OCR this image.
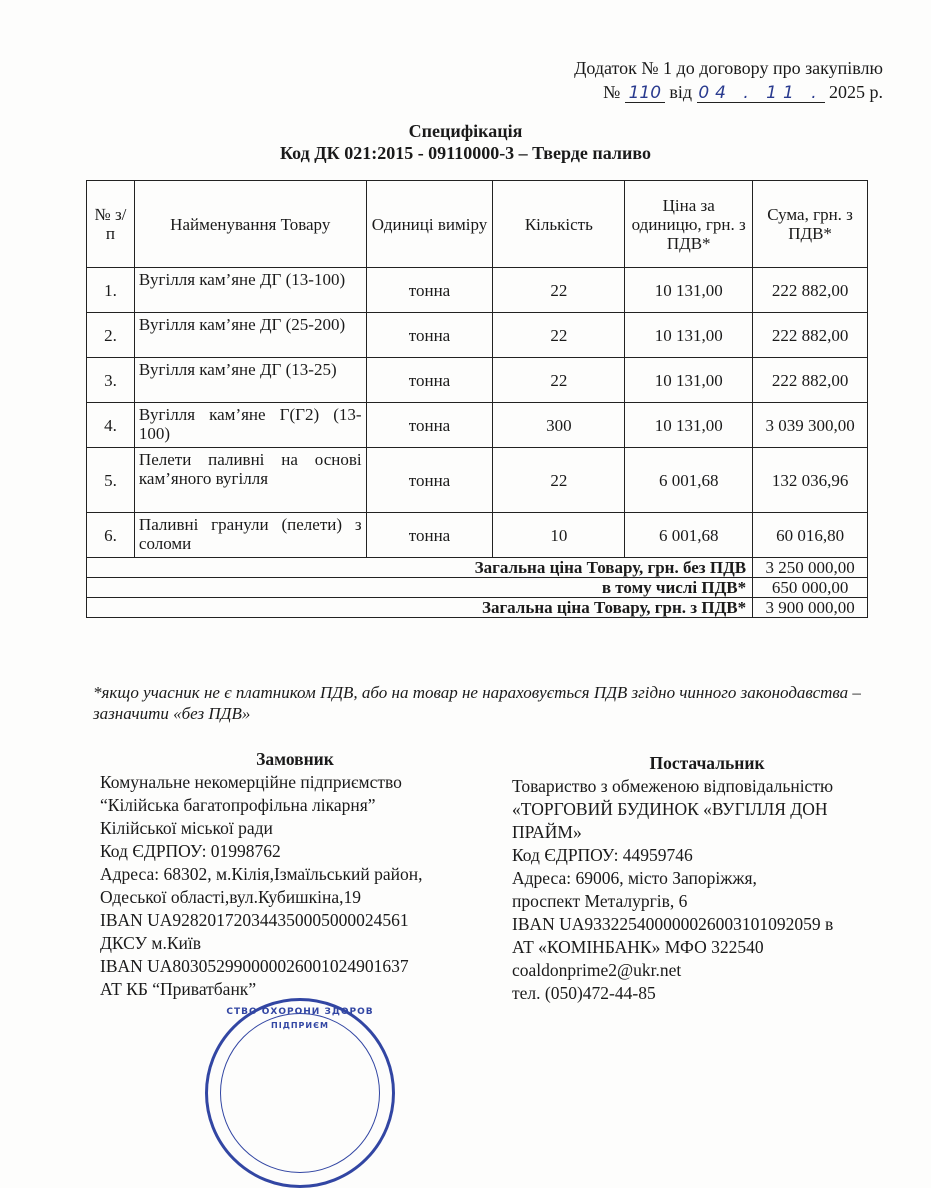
Додаток № 1 до договору про закупівлю
№ 110 від 04 . 11 . 2025 р.
Специфікація
Код ДК 021:2015 - 09110000-3 – Тверде паливо
№ з/п	Найменування Товару	Одиниці виміру	Кількість	Ціна за одиницю, грн. з ПДВ*	Сума, грн. з ПДВ*
1.	Вугілля кам’яне ДГ (13-100)	тонна	22	10 131,00	222 882,00
2.	Вугілля кам’яне ДГ (25-200)	тонна	22	10 131,00	222 882,00
3.	Вугілля кам’яне ДГ (13-25)	тонна	22	10 131,00	222 882,00
4.	Вугілля кам’яне Г(Г2) (13-100)	тонна	300	10 131,00	3 039 300,00
5.	Пелети паливні на основі кам’яного вугілля	тонна	22	6 001,68	132 036,96
6.	Паливні гранули (пелети) з соломи	тонна	10	6 001,68	60 016,80
Загальна ціна Товару, грн. без ПДВ					3 250 000,00
в тому числі ПДВ*					650 000,00
Загальна ціна Товару, грн. з ПДВ*					3 900 000,00
*якщо учасник не є платником ПДВ, або на товар не нараховується ПДВ згідно чинного законодавства – зазначити «без ПДВ»
Замовник
Комунальне некомерційне підприємство
“Кілійська багатопрофільна лікарня”
Кілійської міської ради
Код ЄДРПОУ: 01998762
Адреса: 68302, м.Кілія,Ізмаїльський район,
Одеської області,вул.Кубишкіна,19
IBAN UA928201720344350005000024561
ДКСУ м.Київ
IBAN UA803052990000026001024901637
АТ КБ “Приватбанк”
Постачальник
Товариство з обмеженою відповідальністю
«ТОРГОВИЙ БУДИНОК «ВУГІЛЛЯ ДОН
ПРАЙМ»
Код ЄДРПОУ: 44959746
Адреса: 69006, місто Запоріжжя,
проспект Металургів, 6
IBAN UA933225400000026003101092059 в
АТ «КОМІНБАНК» МФО 322540
coaldonprime2@ukr.net
тел. (050)472-44-85
СТВО ОХОРОНИ ЗДОРОВ
ПІДПРИЄМ
